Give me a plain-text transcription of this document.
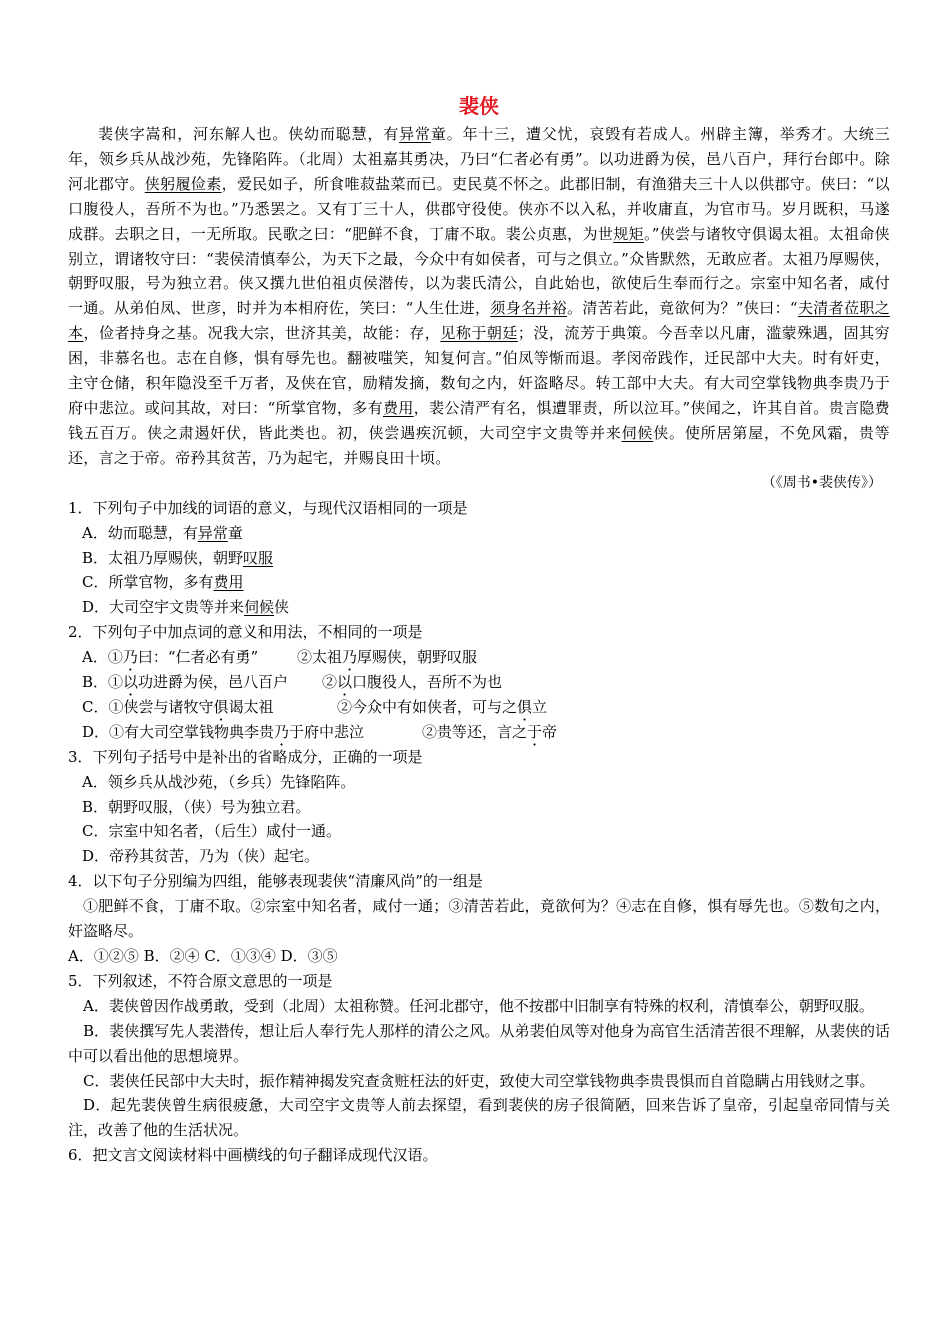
裴侠

裴侠字嵩和，河东解人也。侠幼而聪慧，有异常童。年十三，遭父忧，哀毁有若成人。州辟主簿，举秀才。大统三年，领乡兵从战沙苑，先锋陷阵。（北周）太祖嘉其勇决，乃曰“仁者必有勇”。以功进爵为侯，邑八百户，拜行台郎中。除河北郡守。侠躬履俭素，爱民如子，所食唯菽盐菜而已。吏民莫不怀之。此郡旧制，有渔猎夫三十人以供郡守。侠曰：“以口腹役人，吾所不为也。”乃悉罢之。又有丁三十人，供郡守役使。侠亦不以入私，并收庸直，为官市马。岁月既积，马遂成群。去职之日，一无所取。民歌之曰：“肥鲜不食，丁庸不取。裴公贞惠，为世规矩。”侠尝与诸牧守俱谒太祖。太祖命侠别立，谓诸牧守曰：“裴侯清慎奉公，为天下之最，今众中有如侯者，可与之俱立。”众皆默然，无敢应者。太祖乃厚赐侠，朝野叹服，号为独立君。侠又撰九世伯祖贞侯潜传，以为裴氏清公，自此始也，欲使后生奉而行之。宗室中知名者，咸付一通。从弟伯凤、世彦，时并为本相府佐，笑曰：“人生仕进，须身名并裕。清苦若此，竟欲何为？”侠曰：“夫清者莅职之本，俭者持身之基。况我大宗，世济其美，故能：存，见称于朝廷；没，流芳于典策。今吾幸以凡庸，滥蒙殊遇，固其穷困，非慕名也。志在自修，惧有辱先也。翻被嗤笑，知复何言。”伯凤等惭而退。孝闵帝践作，迁民部中大夫。时有奸吏，主守仓储，积年隐没至千万者，及侠在官，励精发摘，数旬之内，奸盗略尽。转工部中大夫。有大司空掌钱物典李贵乃于府中悲泣。或问其故，对曰：“所掌官物，多有费用，裴公清严有名，惧遭罪责，所以泣耳。”侠闻之，许其自首。贵言隐费钱五百万。侠之肃遏奸伏，皆此类也。初，侠尝遇疾沉顿，大司空宇文贵等并来伺候侠。使所居第屋，不免风霜，贵等还，言之于帝。帝矜其贫苦，乃为起宅，并赐良田十顷。

（《周书•裴侠传》）

1．下列句子中加线的词语的意义，与现代汉语相同的一项是

A．幼而聪慧，有异常童

B．太祖乃厚赐侠，朝野叹服

C．所掌官物，多有费用

D．大司空宇文贵等并来伺候侠

2．下列句子中加点词的意义和用法，不相同的一项是

A．①乃曰：“仁者必有勇”	②太祖乃厚赐侠，朝野叹服

B．①以功进爵为侯，邑八百户 ②以口腹役人，吾所不为也

C．①侠尝与诸牧守俱谒太祖	②今众中有如侠者，可与之俱立

D．①有大司空掌钱物典李贵乃于府中悲泣	②贵等还，言之于帝

3．下列句子括号中是补出的省略成分，正确的一项是

A．领乡兵从战沙苑，（乡兵）先锋陷阵。

B．朝野叹服，（侠）号为独立君。

C．宗室中知名者，（后生）咸付一通。

D．帝矜其贫苦，乃为（侠）起宅。

4．以下句子分别编为四组，能够表现裴侠“清廉风尚”的一组是

①肥鲜不食，丁庸不取。②宗室中知名者，咸付一通；③清苦若此，竟欲何为？④志在自修，惧有辱先也。⑤数旬之内，奸盗略尽。

A．①②⑤ B．②④ C．①③④ D．③⑤

5．下列叙述，不符合原文意思的一项是

A．裴侠曾因作战勇敢，受到（北周）太祖称赞。任河北郡守，他不按郡中旧制享有特殊的权利，清慎奉公，朝野叹服。

B．裴侠撰写先人裴潜传，想让后人奉行先人那样的清公之风。从弟裴伯凤等对他身为高官生活清苦很不理解，从裴侠的话中可以看出他的思想境界。

C．裴侠任民部中大夫时，振作精神揭发究查贪赃枉法的奸吏，致使大司空掌钱物典李贵畏惧而自首隐瞒占用钱财之事。

D．起先裴侠曾生病很疲惫，大司空宇文贵等人前去探望，看到裴侠的房子很简陋，回来告诉了皇帝，引起皇帝同情与关注，改善了他的生活状况。

6．把文言文阅读材料中画横线的句子翻译成现代汉语。
